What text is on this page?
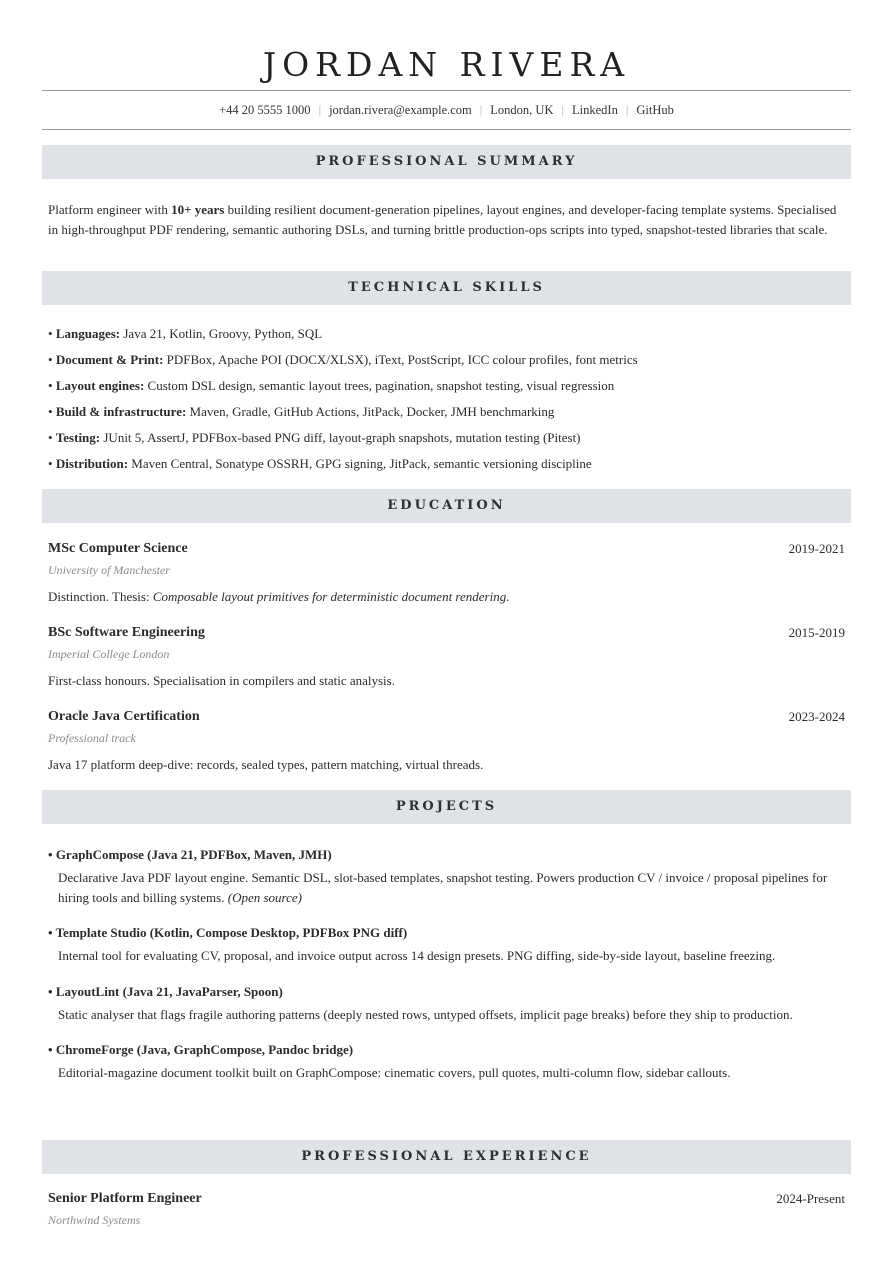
JORDAN RIVERA
+44 20 5555 1000 | jordan.rivera@example.com | London, UK | LinkedIn | GitHub
PROFESSIONAL SUMMARY
Platform engineer with 10+ years building resilient document-generation pipelines, layout engines, and developer-facing template systems. Specialised in high-throughput PDF rendering, semantic authoring DSLs, and turning brittle production-ops scripts into typed, snapshot-tested libraries that scale.
TECHNICAL SKILLS
• Languages: Java 21, Kotlin, Groovy, Python, SQL
• Document & Print: PDFBox, Apache POI (DOCX/XLSX), iText, PostScript, ICC colour profiles, font metrics
• Layout engines: Custom DSL design, semantic layout trees, pagination, snapshot testing, visual regression
• Build & infrastructure: Maven, Gradle, GitHub Actions, JitPack, Docker, JMH benchmarking
• Testing: JUnit 5, AssertJ, PDFBox-based PNG diff, layout-graph snapshots, mutation testing (Pitest)
• Distribution: Maven Central, Sonatype OSSRH, GPG signing, JitPack, semantic versioning discipline
EDUCATION
MSc Computer Science	2019-2021
University of Manchester
Distinction. Thesis: Composable layout primitives for deterministic document rendering.
BSc Software Engineering	2015-2019
Imperial College London
First-class honours. Specialisation in compilers and static analysis.
Oracle Java Certification	2023-2024
Professional track
Java 17 platform deep-dive: records, sealed types, pattern matching, virtual threads.
PROJECTS
• GraphCompose (Java 21, PDFBox, Maven, JMH)
Declarative Java PDF layout engine. Semantic DSL, slot-based templates, snapshot testing. Powers production CV / invoice / proposal pipelines for hiring tools and billing systems. (Open source)
• Template Studio (Kotlin, Compose Desktop, PDFBox PNG diff)
Internal tool for evaluating CV, proposal, and invoice output across 14 design presets. PNG diffing, side-by-side layout, baseline freezing.
• LayoutLint (Java 21, JavaParser, Spoon)
Static analyser that flags fragile authoring patterns (deeply nested rows, untyped offsets, implicit page breaks) before they ship to production.
• ChromeForge (Java, GraphCompose, Pandoc bridge)
Editorial-magazine document toolkit built on GraphCompose: cinematic covers, pull quotes, multi-column flow, sidebar callouts.
PROFESSIONAL EXPERIENCE
Senior Platform Engineer	2024-Present
Northwind Systems
